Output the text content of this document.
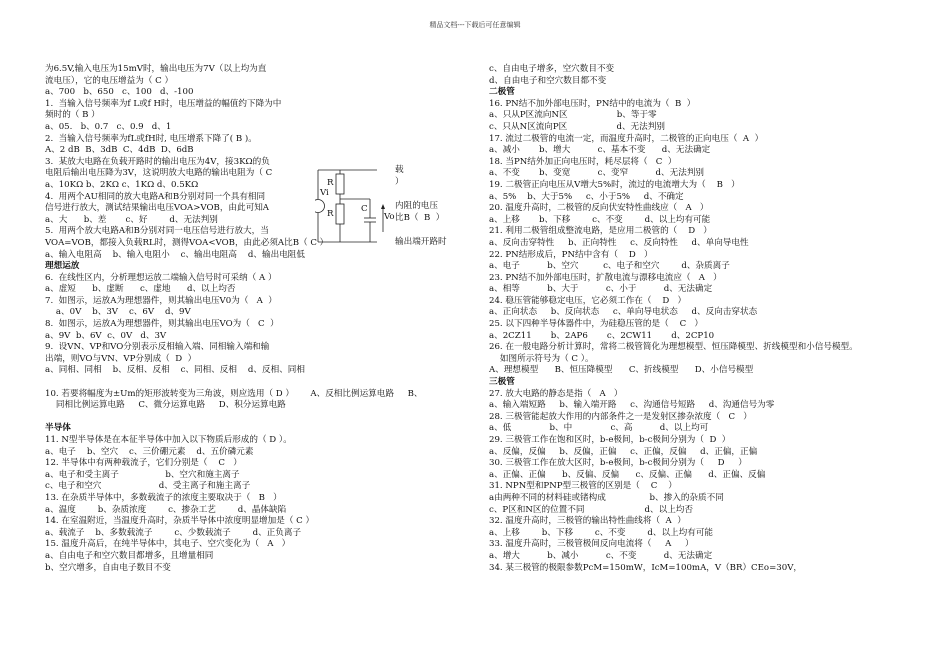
精品文档---下载后可任意编辑
为6.5V,输入电压为15mV时，输出电压为7V（以上均为直
流电压），它的电压增益为（ C ）
a、700   b、650   c、100   d、-100
1.  当输入信号频率为f L或f H时，电压增益的幅值约下降为中
频时的（ B ）
a、05.   b、0.7   c、0.9   d、1
2.  当输入信号频率为fL或fH时, 电压增系下降了( B )。
A、2 dB  B、3dB  C、4dB  D、6dB
3.  某放大电路在负载开路时的输出电压为4V，接3KΩ的负
电阻后输出电压降为3V，这说明放大电路的输出电阻为（ C
a、10KΩ b、2KΩ c、1KΩ d、0.5KΩ
4.  用两个AU相同的放大电路A和B分别对同一个具有相同
信号进行放大，测试结果输出电压VOA>VOB，由此可知A
a、大      b、差       c、好        d、无法判别
5.  用两个放大电路A和B分别对同一电压信号进行放大，当
VOA=VOB，都接入负载RL时，测得VOA<VOB，由此必须A比B（ C ）
a、输入电阻高    b、输入电阻小    c、输出电阻高    d、输出电阻低
理想运放
6.  在线性区内，分析理想运放二端输入信号时可采纳（ A ）
a、虚短      b、虚断      c、虚地      d、以上均否
7.  如图示，运放A为理想器件，则其输出电压V0为（   A  ）
a、0V    b、3V    c、6V    d、9V
8.  如图示，运放A为理想器件，则其输出电压VO为（   C  ）
a、9V  b、6V  c、0V   d、3V
9.  设VN、VP和VO分别表示反相输入端、同相输入端和输
出端，则VO与VN、VP分别成（  D  ）
a、同相、同相    b、反相、反相    c、同相、反相    d、反相、同相
10. 若要将幅度为±Um的矩形波转变为三角波，则应选用（ D ）      A、反相比例运算电路     B、
同相比例运算电路     C、微分运算电路     D、积分运算电路
半导体
11. N型半导体是在本征半导体中加入以下物质后形成的（ D ）。
a、电子    b、空穴    c、三价硼元素    d、五价磷元素
12. 半导体中有两种载流子，它们分别是（    C   ）
a、电子和受主离子                 b、空穴和施主离子
c、电子和空穴                     d、受主离子和施主离子
13. 在杂质半导体中，多数载流子的浓度主要取决于（   B   ）
a、温度        b、杂质浓度        c、掺杂工艺        d、晶体缺陷
14. 在室温附近，当温度升高时，杂质半导体中浓度明显增加是（ C ）
a、载流子    b、多数载流子        c、少数载流子        d、正负离子
15. 温度升高后，在纯半导体中，其电子、空穴变化为（   A   ）
a、自由电子和空穴数目都增多，且增量相同
b、空穴增多，自由电子数目不变
Vi
R
R	C
Vo
载
）
内阻的电压
比B（  B  ）
输出端开路时
c、自由电子增多，空穴数目不变
d、自由电子和空穴数目都不变
二极管
16. PN结不加外部电压时，PN结中的电流为（  B  ）
a、只从P区流向N区                  b、等于零
c、只从N区流向P区                  d、无法判别
17. 流过二极管的电流一定，而温度升高时，二极管的正向电压（  A  ）
a、减小       b、增大          c、基本不变      d、无法确定
18. 当PN结外加正向电压时，耗尽层将（   C  ）
a、不变       b、变宽          c、变窄          d、无法判别
19. 二极管正向电压从V增大5%时，流过的电流增大为（    B   ）
a、5%    b、大于5%     c、小于5%     d、不确定
20. 温度升高时，二极管的反向伏安特性曲线应（   A   ）
a、上移       b、下移        c、不变        d、以上均有可能
21. 利用二极管组成整流电路，是应用二极管的（    D   ）
a、反向击穿特性     b、正向特性     c、反向特性     d、单向导电性
22. PN结形成后，PN结中含有（    D   ）
a、电子          b、空穴         c、电子和空穴        d、杂质离子
23. PN结不加外部电压时，扩散电流与漂移电流应（   A   ）
a、相等          b、大于          c、小于          d、无法确定
24. 稳压管能够稳定电压，它必须工作在（    D   ）
a、正向状态     b、反向状态     c、单向导电状态     d、反向击穿状态
25. 以下四种半导体器件中，为硅稳压管的是（    C   ）
a、2CZ11       b、2AP6       c、2CW11       d、2CP10
26. 在一般电路分析计算时，常将二极管简化为理想模型、恒压降模型、折线模型和小信号模型。
如图所示符号为（ C ）。
A、理想模型      B、恒压降模型      C、折线模型      D、小信号模型
三极管
27. 放大电路的静态是指（   A   ）
a、输入端短路     b、输入端开路     c、沟通信号短路     d、沟通信号为零
28. 三极管能起放大作用的内部条件之一是发射区掺杂浓度（   C   ）
a、低              b、中              c、高          d、以上均可
29. 三极管工作在饱和区时，b-e极间，b-c极间分别为（  D  ）
a、反偏，反偏     b、反偏，正偏     c、正偏，反偏     d、正偏，正偏
30. 三极管工作在放大区时，b-e极间，b-c极间分别为（     D     ）
a、正偏、正偏      b、反偏、反偏      c、反偏、正偏      d、正偏、反偏
31. NPN型和PNP型三极管的区别是（    C    ）
a由两种不同的材料硅或锗构成                b、掺入的杂质不同
c、P区和N区的位置不同                      d、以上均否
32. 温度升高时，三极管的输出特性曲线将（  A  ）
a、上移        b、下移        c、不变        d、以上均有可能
33. 温度升高时，三极管极间反向电流将（     A     ）
a、增大          b、减小          c、不变          d、无法确定
34. 某三极管的极限参数PcM=150mW，IcM=100mA，V（BR）CEo=30V，
